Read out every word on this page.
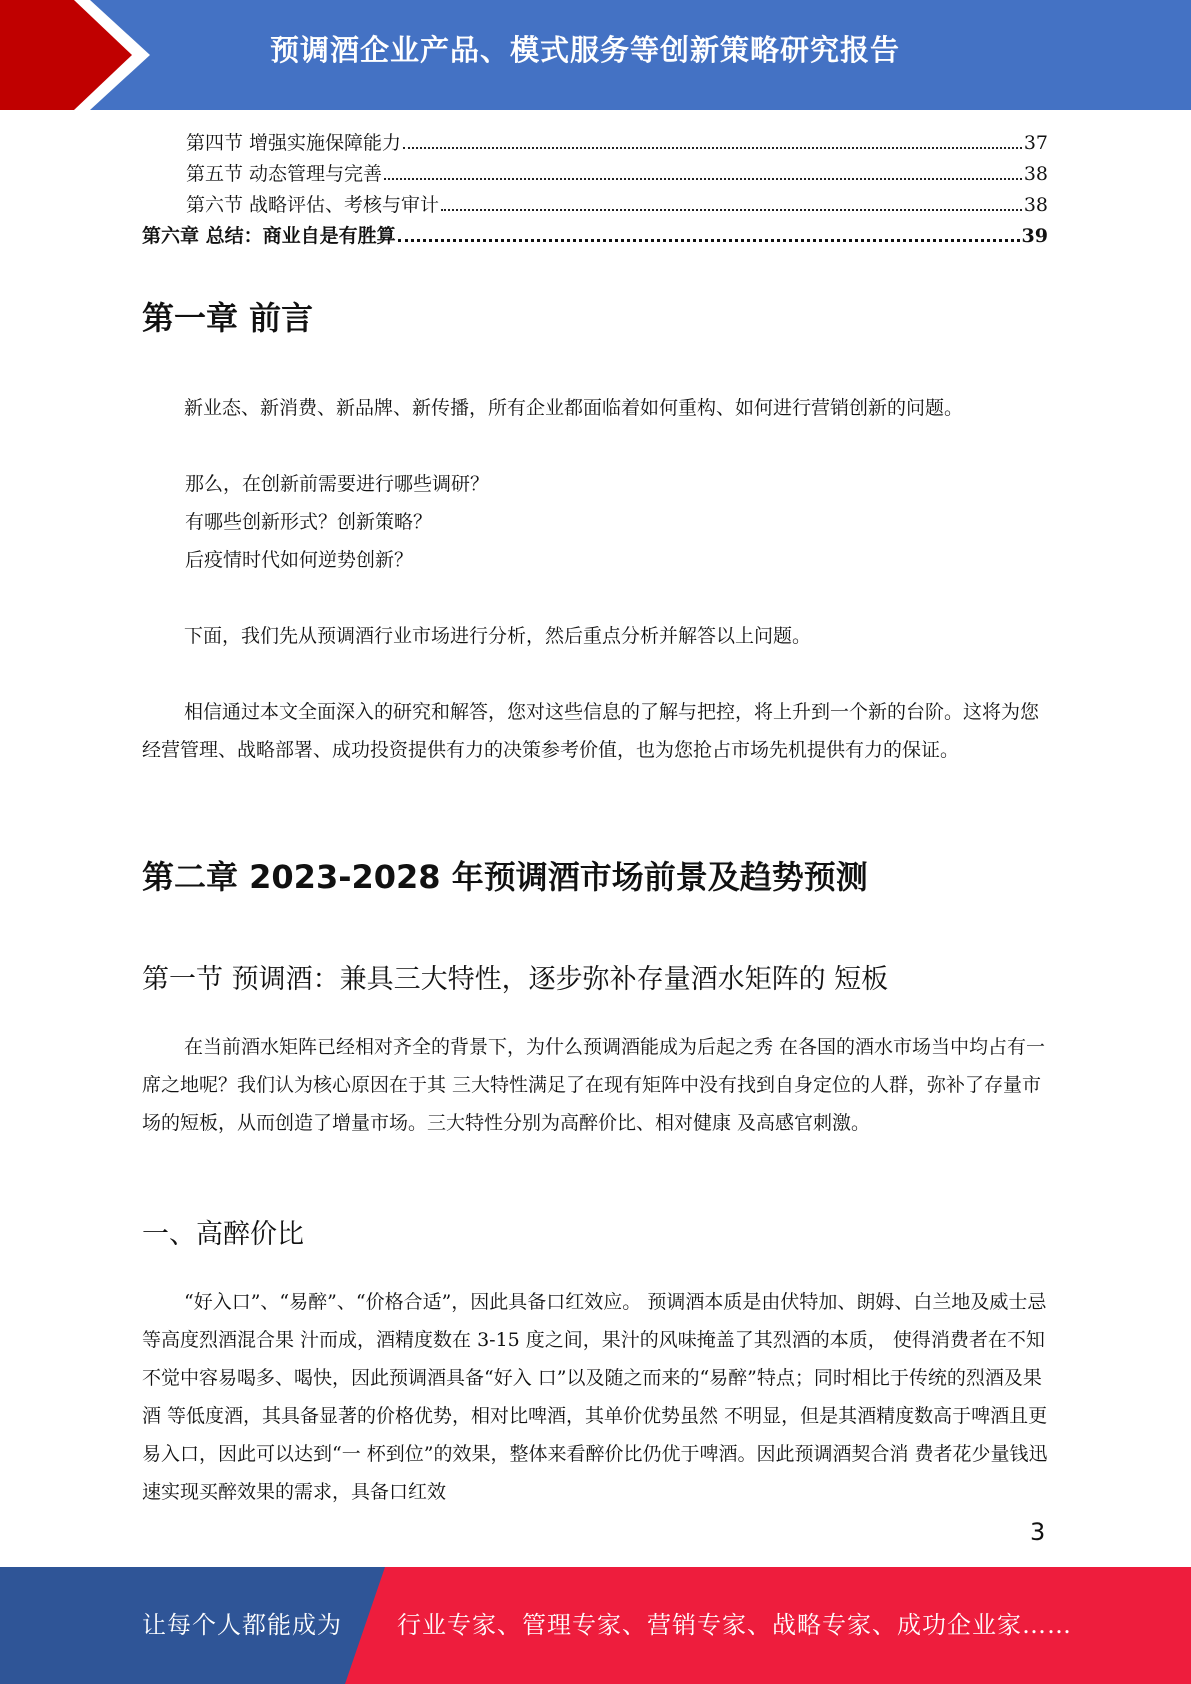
预调酒企业产品、模式服务等创新策略研究报告
第四节 增强实施保障能力	37
第五节 动态管理与完善	38
第六节 战略评估、考核与审计	38
第六章 总结：商业自是有胜算	39
第一章 前言

新业态、新消费、新品牌、新传播，所有企业都面临着如何重构、如何进行营销创新的问题。

那么，在创新前需要进行哪些调研？

有哪些创新形式？创新策略？

后疫情时代如何逆势创新？

下面，我们先从预调酒行业市场进行分析，然后重点分析并解答以上问题。

相信通过本文全面深入的研究和解答，您对这些信息的了解与把控，将上升到一个新的台阶。这将为您经营管理、战略部署、成功投资提供有力的决策参考价值，也为您抢占市场先机提供有力的保证。

第二章 2023-2028 年预调酒市场前景及趋势预测
第一节 预调酒：兼具三大特性，逐步弥补存量酒水矩阵的 短板

在当前酒水矩阵已经相对齐全的背景下，为什么预调酒能成为后起之秀 在各国的酒水市场当中均占有一席之地呢？我们认为核心原因在于其 三大特性满足了在现有矩阵中没有找到自身定位的人群，弥补了存量市 场的短板，从而创造了增量市场。三大特性分别为高醉价比、相对健康 及高感官刺激。

一、高醉价比

“好入口”、“易醉”、“价格合适”，因此具备口红效应。 预调酒本质是由伏特加、朗姆、白兰地及威士忌等高度烈酒混合果 汁而成，酒精度数在 3-15 度之间，果汁的风味掩盖了其烈酒的本质， 使得消费者在不知不觉中容易喝多、喝快，因此预调酒具备“好入 口”以及随之而来的“易醉”特点；同时相比于传统的烈酒及果酒 等低度酒，其具备显著的价格优势，相对比啤酒，其单价优势虽然 不明显，但是其酒精度数高于啤酒且更易入口，因此可以达到“一 杯到位”的效果，整体来看醉价比仍优于啤酒。因此预调酒契合消 费者花少量钱迅速实现买醉效果的需求，具备口红效

3
让每个人都能成为 行业专家、管理专家、营销专家、战略专家、成功企业家……
